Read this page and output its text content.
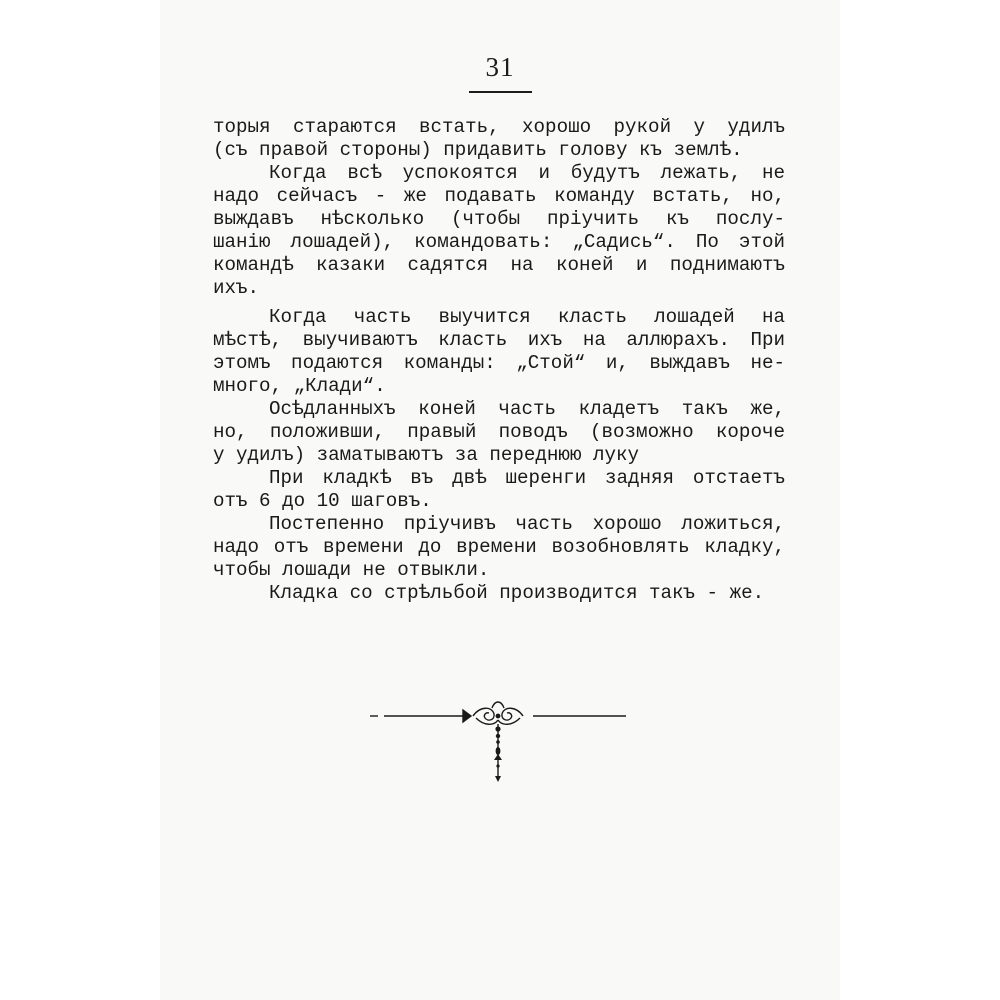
31
торыя стараются встать, хорошо рукой у удилъ
(съ правой стороны) придавить голову къ землѣ.
Когда всѣ успокоятся и будутъ лежать, не
надо сейчасъ - же подавать команду встать, но,
выждавъ нѣсколько (чтобы пріучить къ послу-
шанію лошадей), командовать: „Садись“. По этой
командѣ казаки садятся на коней и поднимаютъ
ихъ.
Когда часть выучится класть лошадей на
мѣстѣ, выучиваютъ класть ихъ на аллюрахъ. При
этомъ подаются команды: „Стой“ и, выждавъ не-
много, „Клади“.
Осѣдланныхъ коней часть кладетъ такъ же,
но, положивши, правый поводъ (возможно короче
у удилъ) заматываютъ за переднюю луку
При кладкѣ въ двѣ шеренги задняя отстаетъ
отъ 6 до 10 шаговъ.
Постепенно пріучивъ часть хорошо ложиться,
надо отъ времени до времени возобновлять кладку,
чтобы лошади не отвыкли.
Кладка со стрѣльбой производится такъ - же.
